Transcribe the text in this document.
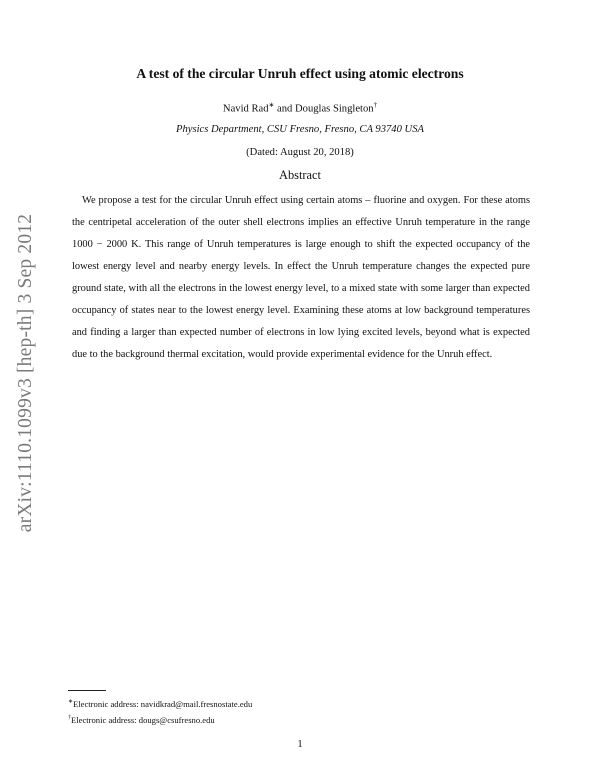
arXiv:1110.1099v3 [hep-th] 3 Sep 2012
A test of the circular Unruh effect using atomic electrons
Navid Rad∗ and Douglas Singleton†
Physics Department, CSU Fresno, Fresno, CA 93740 USA
(Dated: August 20, 2018)
Abstract
We propose a test for the circular Unruh effect using certain atoms – fluorine and oxygen. For these atoms the centripetal acceleration of the outer shell electrons implies an effective Unruh temperature in the range 1000 − 2000 K. This range of Unruh temperatures is large enough to shift the expected occupancy of the lowest energy level and nearby energy levels. In effect the Unruh temperature changes the expected pure ground state, with all the electrons in the lowest energy level, to a mixed state with some larger than expected occupancy of states near to the lowest energy level. Examining these atoms at low background temperatures and finding a larger than expected number of electrons in low lying excited levels, beyond what is expected due to the background thermal excitation, would provide experimental evidence for the Unruh effect.
∗Electronic address: navidkrad@mail.fresnostate.edu
†Electronic address: dougs@csufresno.edu
1
